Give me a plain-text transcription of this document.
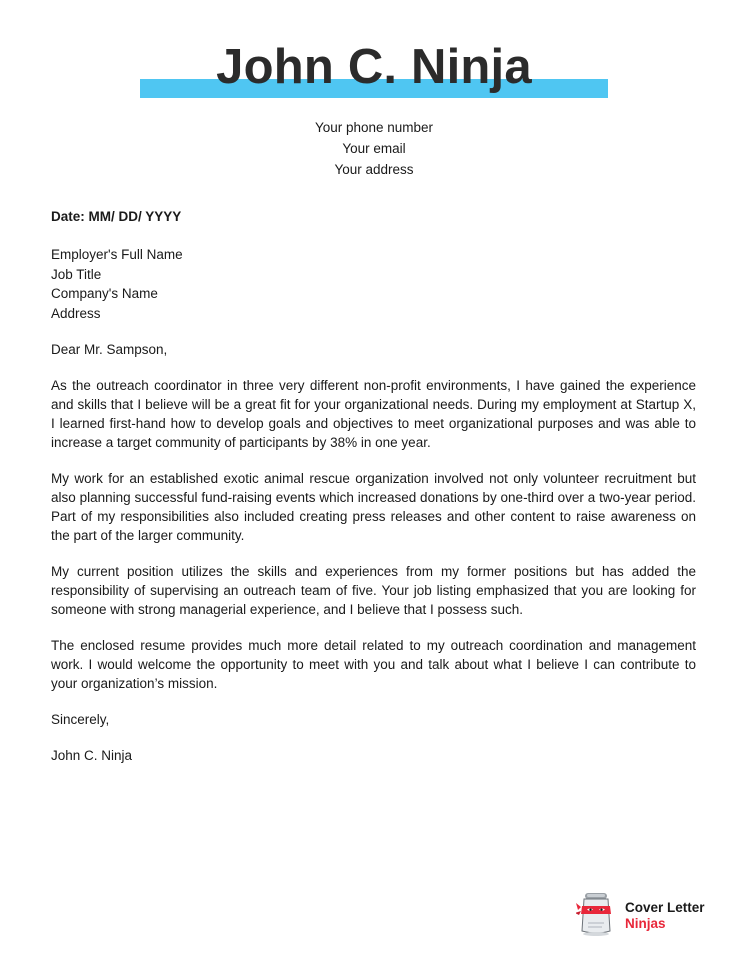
John C. Ninja
Your phone number
Your email
Your address
Date: MM/ DD/ YYYY
Employer's Full Name
Job Title
Company's Name
Address
Dear Mr. Sampson,

As the outreach coordinator in three very different non-profit environments, I have gained the experience and skills that I believe will be a great fit for your organizational needs. During my employment at Startup X, I learned first-hand how to develop goals and objectives to meet organizational purposes and was able to increase a target community of participants by 38% in one year.

My work for an established exotic animal rescue organization involved not only volunteer recruitment but also planning successful fund-raising events which increased donations by one-third over a two-year period. Part of my responsibilities also included creating press releases and other content to raise awareness on the part of the larger community.

My current position utilizes the skills and experiences from my former positions but has added the responsibility of supervising an outreach team of five. Your job listing emphasized that you are looking for someone with strong managerial experience, and I believe that I possess such.

The enclosed resume provides much more detail related to my outreach coordination and management work. I would welcome the opportunity to meet with you and talk about what I believe I can contribute to your organization’s mission.

Sincerely,
John C. Ninja
Cover Letter
Ninjas
